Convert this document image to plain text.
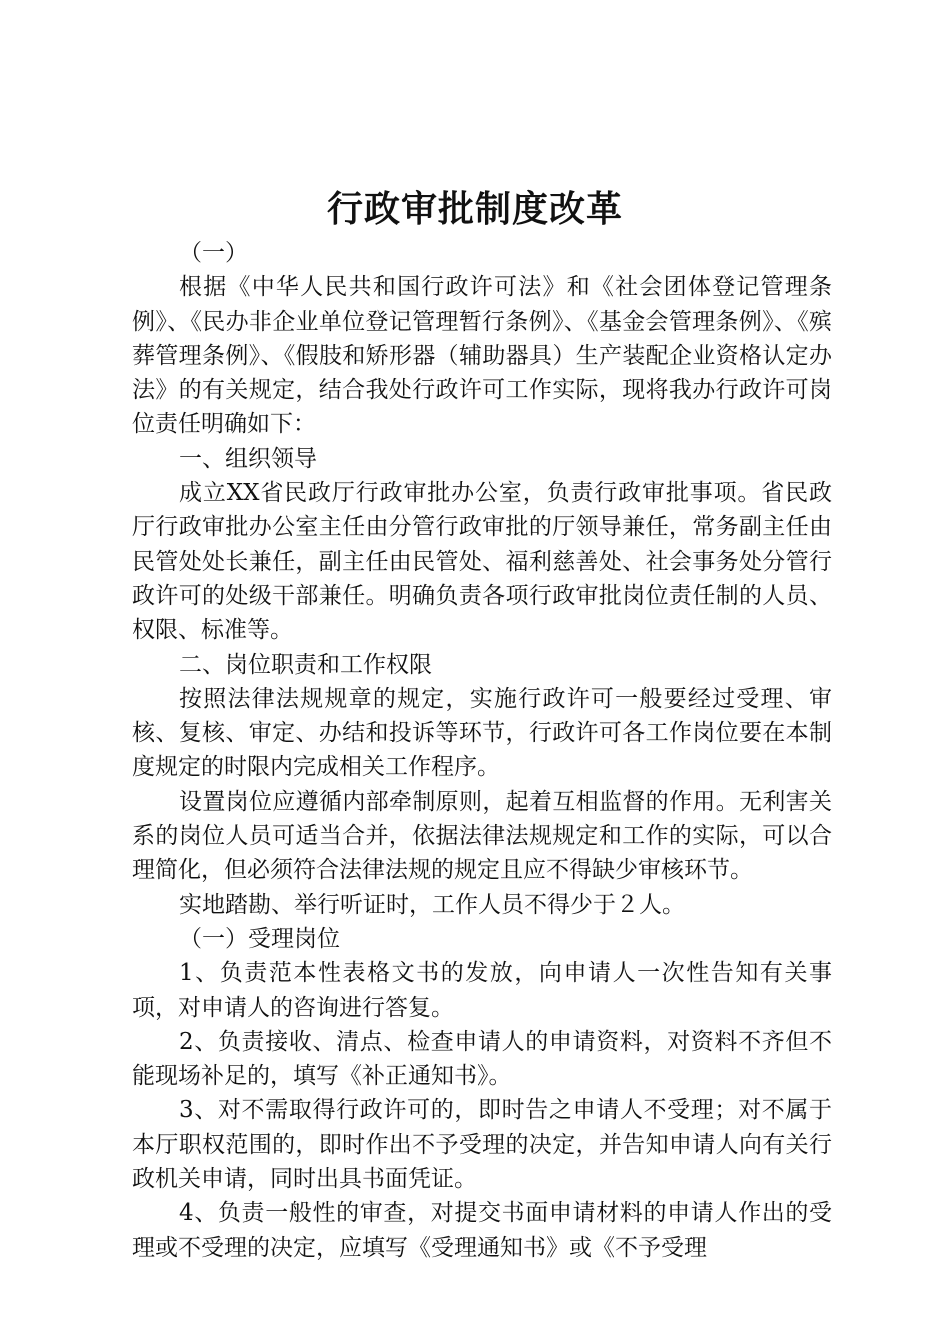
行政审批制度改革

（一）

根据《中华人民共和国行政许可法》和《社会团体登记管理条例》、《民办非企业单位登记管理暂行条例》、《基金会管理条例》、《殡葬管理条例》、《假肢和矫形器（辅助器具）生产装配企业资格认定办法》的有关规定，结合我处行政许可工作实际，现将我办行政许可岗位责任明确如下：

一、组织领导

成立XX省民政厅行政审批办公室，负责行政审批事项。省民政厅行政审批办公室主任由分管行政审批的厅领导兼任，常务副主任由民管处处长兼任，副主任由民管处、福利慈善处、社会事务处分管行政许可的处级干部兼任。明确负责各项行政审批岗位责任制的人员、权限、标准等。

二、岗位职责和工作权限

按照法律法规规章的规定，实施行政许可一般要经过受理、审核、复核、审定、办结和投诉等环节，行政许可各工作岗位要在本制度规定的时限内完成相关工作程序。

设置岗位应遵循内部牵制原则，起着互相监督的作用。无利害关系的岗位人员可适当合并，依据法律法规规定和工作的实际，可以合理简化，但必须符合法律法规的规定且应不得缺少审核环节。

实地踏勘、举行听证时，工作人员不得少于２人。

（一）受理岗位

1、负责范本性表格文书的发放，向申请人一次性告知有关事项，对申请人的咨询进行答复。

2、负责接收、清点、检查申请人的申请资料，对资料不齐但不能现场补足的，填写《补正通知书》。

3、对不需取得行政许可的，即时告之申请人不受理；对不属于本厅职权范围的，即时作出不予受理的决定，并告知申请人向有关行政机关申请，同时出具书面凭证。

4、负责一般性的审查，对提交书面申请材料的申请人作出的受理或不受理的决定，应填写《受理通知书》或《不予受理
